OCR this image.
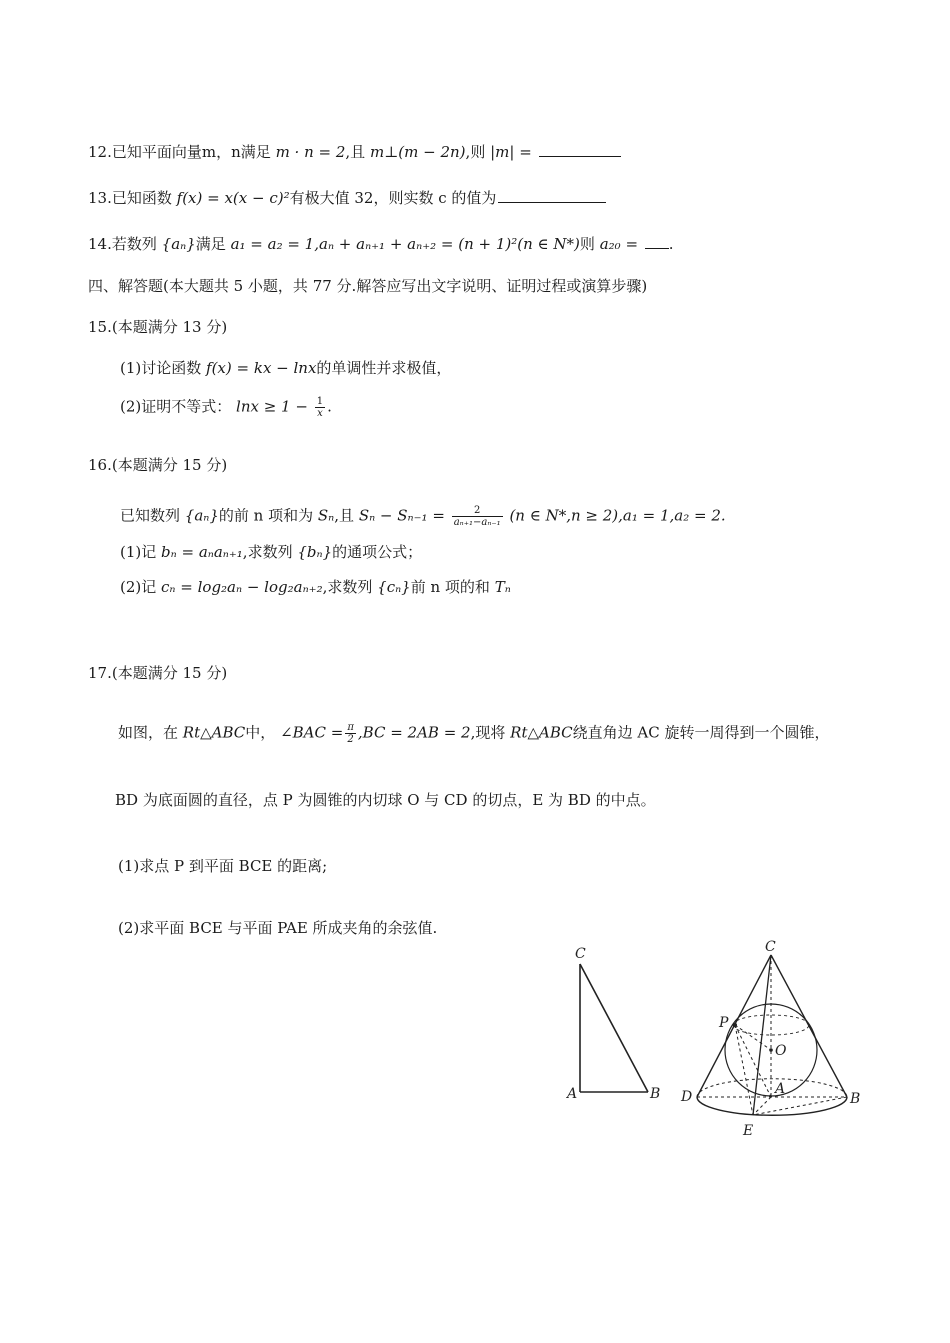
12.已知平面向量m，n满足 m · n = 2,且 m⊥(m − 2n),则 |m| =
13.已知函数 f(x) = x(x − c)²有极大值 32，则实数 c 的值为
14.若数列 {aₙ}满足 a₁ = a₂ = 1,aₙ + aₙ₊₁ + aₙ₊₂ = (n + 1)²(n ∈ N*)则 a₂₀ = .
四、解答题(本大题共 5 小题，共 77 分.解答应写出文字说明、证明过程或演算步骤)
15.(本题满分 13 分)
(1)讨论函数 f(x) = kx − lnx的单调性并求极值，
(2)证明不等式： $\ln x \ge 1 - \frac{1}{x}$ .
16.(本题满分 15 分)
已知数列 {aₙ}的前 n 项和为 Sₙ,且 $S_n - S_{n-1} = \frac{2}{\text{aₙ₊₁−aₙ₋₁}} (n$ ∈ N*,n ≥ 2),a₁ = 1,a₂ = 2.
(1)记 bₙ = aₙaₙ₊₁,求数列 {bₙ}的通项公式；
(2)记 cₙ = log₂aₙ − log₂aₙ₊₂,求数列 {cₙ}前 n 项的和 Tₙ
17.(本题满分 15 分)
如图，在 Rt△ABC中， ∠BAC = $\frac{\pi}{2} ,BC = 2AB = 2$,现将 Rt△ABC绕直角边 AC 旋转一周得到一个圆锥，
BD 为底面圆的直径，点 P 为圆锥的内切球 O 与 CD 的切点，E 为 BD 的中点。
(1)求点 P 到平面 BCE 的距离;
(2)求平面 BCE 与平面 PAE 所成夹角的余弦值.
C
A	B
C
P
O
A
D	B
E
